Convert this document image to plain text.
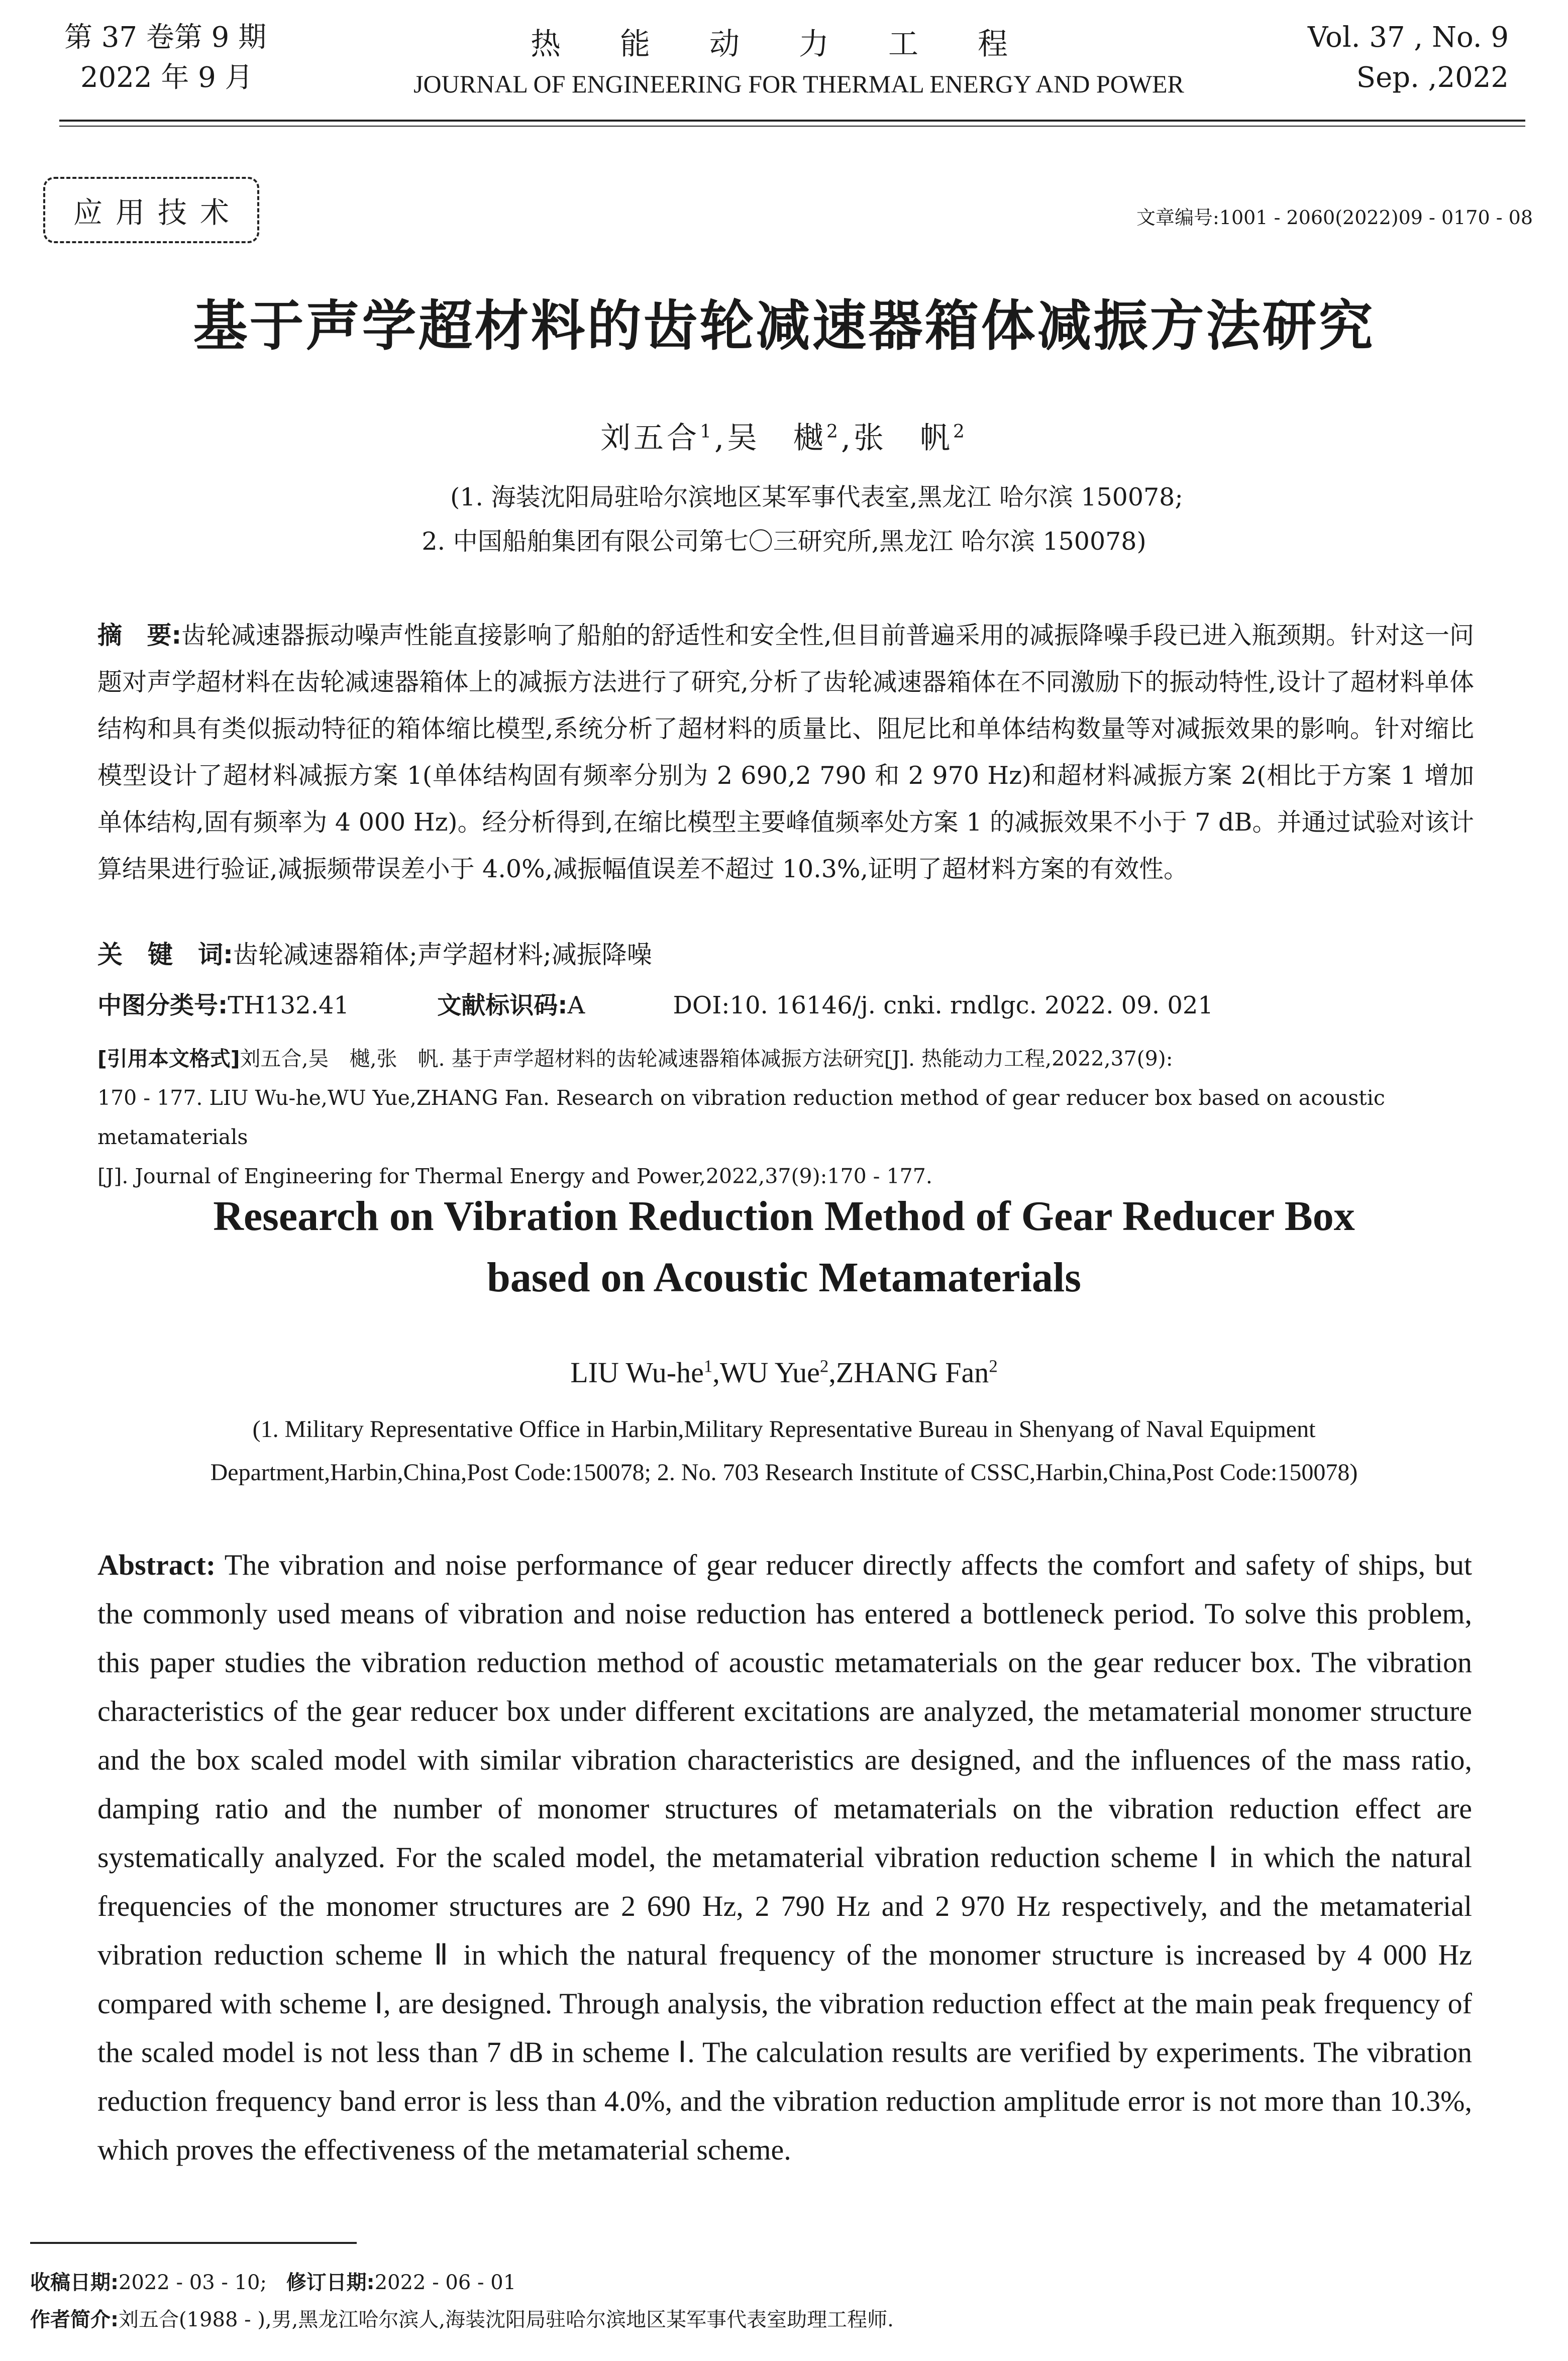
第 37 卷第 9 期
2022 年 9 月
热能动力工程
JOURNAL OF ENGINEERING FOR THERMAL ENERGY AND POWER
Vol. 37 , No. 9
Sep. ,2022
应用技术	文章编号:1001 - 2060(2022)09 - 0170 - 08
基于声学超材料的齿轮减速器箱体减振方法研究
刘五合$^1$,吴　樾$^2$,张　帆$^2$
(1. 海装沈阳局驻哈尔滨地区某军事代表室,黑龙江 哈尔滨 150078;
2. 中国船舶集团有限公司第七〇三研究所,黑龙江 哈尔滨 150078)
摘　要:齿轮减速器振动噪声性能直接影响了船舶的舒适性和安全性,但目前普遍采用的减振降噪手段已进入瓶颈期。针对这一问题对声学超材料在齿轮减速器箱体上的减振方法进行了研究,分析了齿轮减速器箱体在不同激励下的振动特性,设计了超材料单体结构和具有类似振动特征的箱体缩比模型,系统分析了超材料的质量比、阻尼比和单体结构数量等对减振效果的影响。针对缩比模型设计了超材料减振方案 1(单体结构固有频率分别为 2 690,2 790 和 2 970 Hz)和超材料减振方案 2(相比于方案 1 增加单体结构,固有频率为 4 000 Hz)。经分析得到,在缩比模型主要峰值频率处方案 1 的减振效果不小于 7 dB。并通过试验对该计算结果进行验证,减振频带误差小于 4.0%,减振幅值误差不超过 10.3%,证明了超材料方案的有效性。
关　键　词:齿轮减速器箱体;声学超材料;减振降噪
中图分类号:TH132.41	文献标识码:A	DOI:10. 16146/j. cnki. rndlgc. 2022. 09. 021
[引用本文格式]刘五合,吴　樾,张　帆. 基于声学超材料的齿轮减速器箱体减振方法研究[J]. 热能动力工程,2022,37(9):
170 - 177. LIU Wu-he,WU Yue,ZHANG Fan. Research on vibration reduction method of gear reducer box based on acoustic metamaterials
[J]. Journal of Engineering for Thermal Energy and Power,2022,37(9):170 - 177.
Research on Vibration Reduction Method of Gear Reducer Box
based on Acoustic Metamaterials
LIU $Wu-he^1,WU$ Yue$^2$,ZHANG Fan$^2$
(1. Military Representative Office in Harbin,Military Representative Bureau in Shenyang of Naval Equipment
Department,Harbin,China,Post Code:150078; 2. No. 703 Research Institute of CSSC,Harbin,China,Post Code:150078)
Abstract: The vibration and noise performance of gear reducer directly affects the comfort and safety of ships, but the commonly used means of vibration and noise reduction has entered a bottleneck period. To solve this problem, this paper studies the vibration reduction method of acoustic metamaterials on the gear reducer box. The vibration characteristics of the gear reducer box under different excitations are analyzed, the metamaterial monomer structure and the box scaled model with similar vibration characteristics are designed, and the influences of the mass ratio, damping ratio and the number of monomer structures of metamaterials on the vibration reduction effect are systematically analyzed. For the scaled model, the metamaterial vibration reduction scheme Ⅰ in which the natural frequencies of the monomer structures are 2 690 Hz, 2 790 Hz and 2 970 Hz respectively, and the metamaterial vibration reduction scheme Ⅱ in which the natural frequency of the monomer structure is increased by 4 000 Hz compared with scheme Ⅰ, are designed. Through analysis, the vibration reduction effect at the main peak frequency of the scaled model is not less than 7 dB in scheme Ⅰ. The calculation results are verified by experiments. The vibration reduction frequency band error is less than 4.0%, and the vibration reduction amplitude error is not more than 10.3%, which proves the effectiveness of the metamaterial scheme.
收稿日期:2022 - 03 - 10; 修订日期:2022 - 06 - 01
作者简介:刘五合(1988 - ),男,黑龙江哈尔滨人,海装沈阳局驻哈尔滨地区某军事代表室助理工程师.
